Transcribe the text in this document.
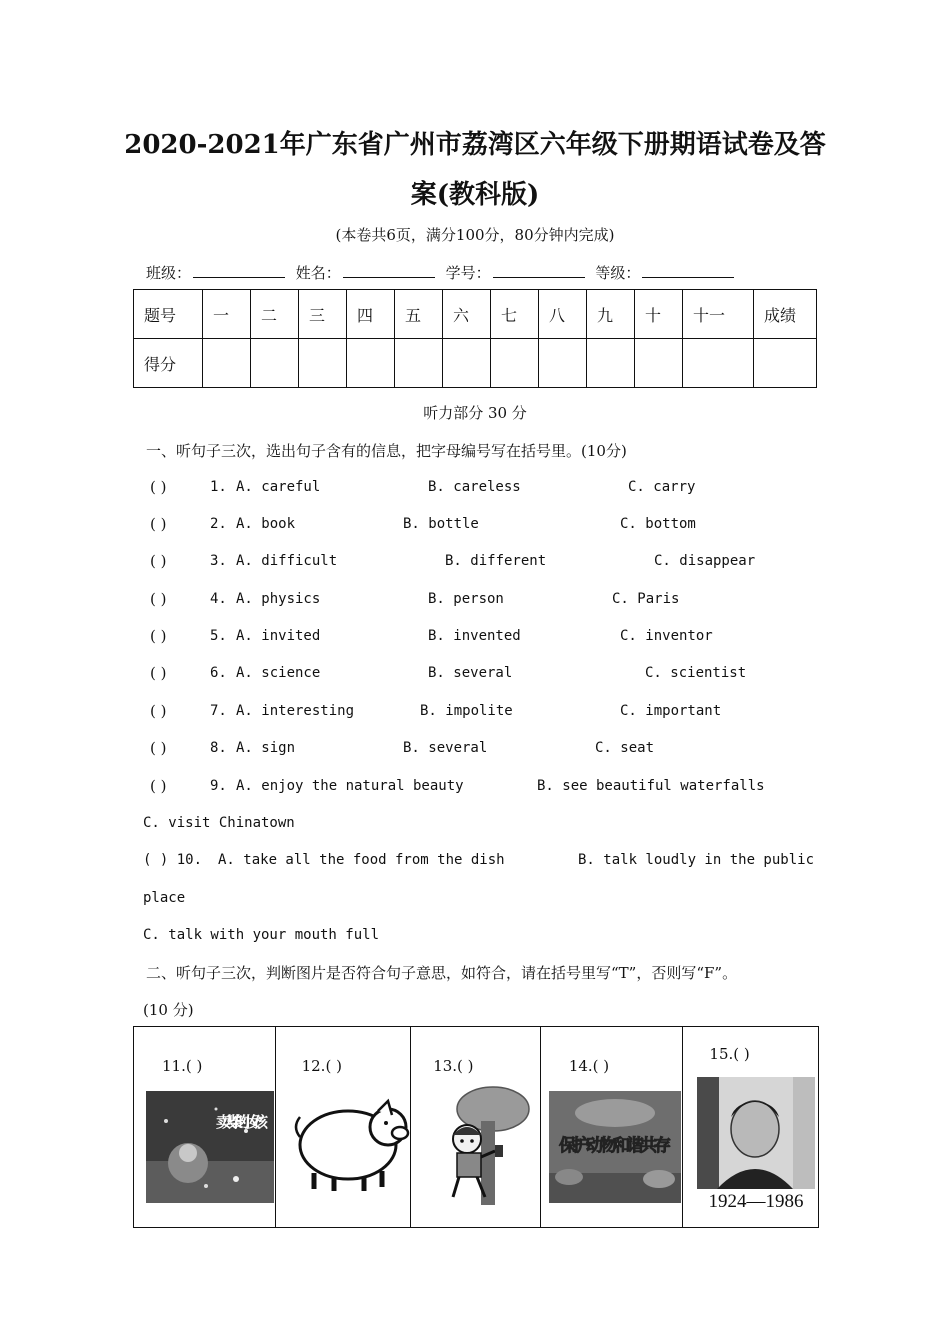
2020-2021年广东省广州市荔湾区六年级下册期语试卷及答
案(教科版)
(本卷共6页，满分100分，80分钟内完成)
班级：	姓名：	学号：	等级：
题号	一	二	三	四	五	六	七	八	九	十	十一	成绩
得分												
听力部分 30 分
一、听句子三次，选出句子含有的信息，把字母编号写在括号里。(10分)
( )	1. A. careful	B. careless	C. carry
( )	2. A. book	B. bottle	C. bottom
( )	3. A. difficult	B. different	C. disappear
( )	4. A. physics	B. person	C. Paris
( )	5. A. invited	B. invented	C. inventor
( )	6. A. science	B. several	C. scientist
( )	7. A. interesting	B. impolite	C. important
( )	8. A. sign	B. several	C. seat
( )	9. A. enjoy the natural beauty	B. see beautiful waterfalls
C. visit Chinatown
( ) 10. A. take all the food from the dish	B. talk loudly in the public
place
C. talk with your mouth full
二、听句子三次，判断图片是否符合句子意思，如符合，请在括号里写“T”，否则写“F”。
(10 分)
11.( )
卖火柴的小女孩
12.( )	13.( )	14.( )
保护动物和谐共存
15.( )
1924—1986
